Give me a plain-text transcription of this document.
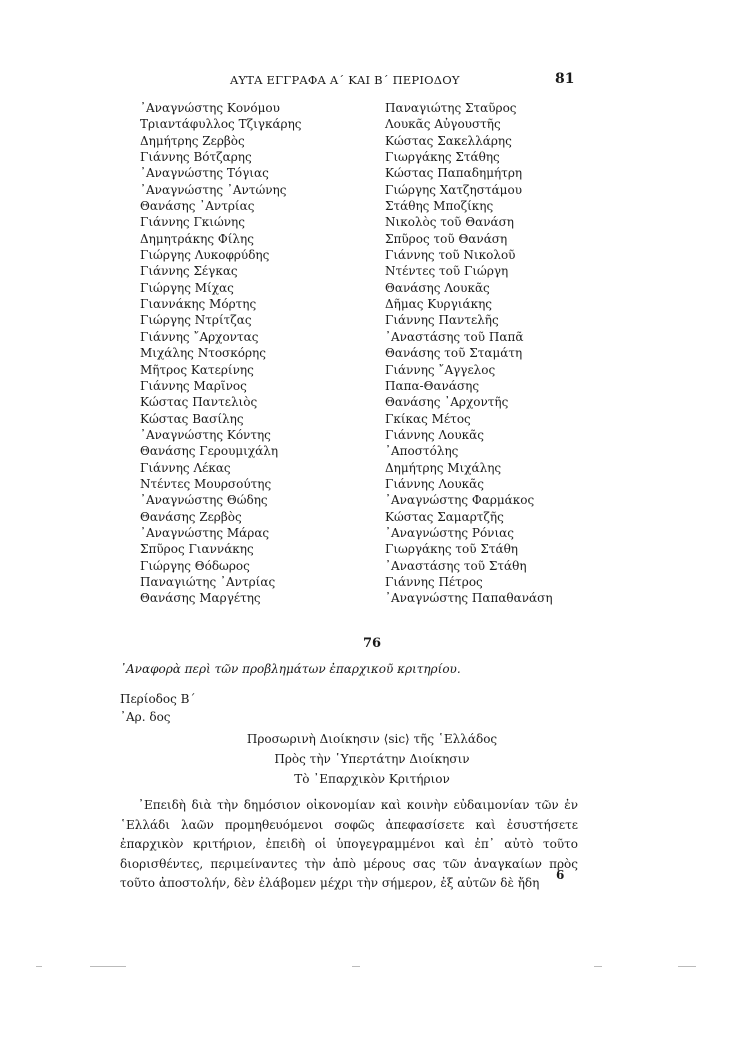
ΑΥΤΑ ΕΓΓΡΑΦΑ Α΄ ΚΑΙ Β΄ ΠΕΡΙΟΔΟΥ	81
᾿Αναγνώστης Κονόμου
Τριαντάφυλλος Τζιγκάρης
Δημήτρης Ζερβὸς
Γιάννης Βότζαρης
᾿Αναγνώστης Τόγιας
᾿Αναγνώστης ᾿Αντώνης
Θανάσης ᾿Αντρίας
Γιάννης Γκιώνης
Δημητράκης Φίλης
Γιώργης Λυκοφρύδης
Γιάννης Σέγκας
Γιώργης Μίχας
Γιαννάκης Μόρτης
Γιώργης Ντρίτζας
Γιάννης ῎Αρχοντας
Μιχάλης Ντοσκόρης
Μῆτρος Κατερίνης
Γιάννης Μαρῖνος
Κώστας Παντελιὸς
Κώστας Βασίλης
᾿Αναγνώστης Κόντης
Θανάσης Γερουμιχάλη
Γιάννης Λέκας
Ντέντες Μουρσούτης
᾿Αναγνώστης Θώδης
Θανάσης Ζερβὸς
᾿Αναγνώστης Μάρας
Σπῦρος Γιαννάκης
Γιώργης Θόδωρος
Παναγιώτης ᾿Αντρίας
Θανάσης Μαργέτης
Παναγιώτης Σταῦρος
Λουκᾶς Αὐγουστῆς
Κώστας Σακελλάρης
Γιωργάκης Στάθης
Κώστας Παπαδημήτρη
Γιώργης Χατζηστάμου
Στάθης Μποζίκης
Νικολὸς τοῦ Θανάση
Σπῦρος τοῦ Θανάση
Γιάννης τοῦ Νικολοῦ
Ντέντες τοῦ Γιώργη
Θανάσης Λουκᾶς
Δῆμας Κυργιάκης
Γιάννης Παντελῆς
᾿Αναστάσης τοῦ Παπᾶ
Θανάσης τοῦ Σταμάτη
Γιάννης ῎Αγγελος
Παπα-Θανάσης
Θανάσης ᾿Αρχοντῆς
Γκίκας Μέτος
Γιάννης Λουκᾶς
᾿Αποστόλης
Δημήτρης Μιχάλης
Γιάννης Λουκᾶς
᾿Αναγνώστης Φαρμάκος
Κώστας Σαμαρτζῆς
᾿Αναγνώστης Ρόνιας
Γιωργάκης τοῦ Στάθη
᾿Αναστάσης τοῦ Στάθη
Γιάννης Πέτρος
᾿Αναγνώστης Παπαθανάση
76
᾿Αναφορὰ περὶ τῶν προβλημάτων ἐπαρχικοῦ κριτηρίου.
Περίοδος Β΄
᾿Αρ. δος
Προσωρινὴ Διοίκησιν ⟨sic⟩ τῆς ῾Ελλάδος
Πρὸς τὴν ῾Υπερτάτην Διοίκησιν
Τὸ ᾿Επαρχικὸν Κριτήριον

᾿Επειδὴ διὰ τὴν δημόσιον οἰκονομίαν καὶ κοινὴν εὐδαιμονίαν τῶν ἐν ῾Ελλάδι λαῶν προμηθευόμενοι σοφῶς ἀπεφασίσετε καὶ ἐσυστήσετε ἐπαρχικὸν κριτήριον, ἐπειδὴ οἱ ὑπογεγραμμένοι καὶ ἐπ᾿ αὐτὸ τοῦτο διορισθέντες, περιμείναντες τὴν ἀπὸ μέρους σας τῶν ἀναγκαίων πρὸς τοῦτο ἀποστολήν, δὲν ἐλάβομεν μέχρι τὴν σήμερον, ἐξ αὐτῶν δὲ ἤδη

6
